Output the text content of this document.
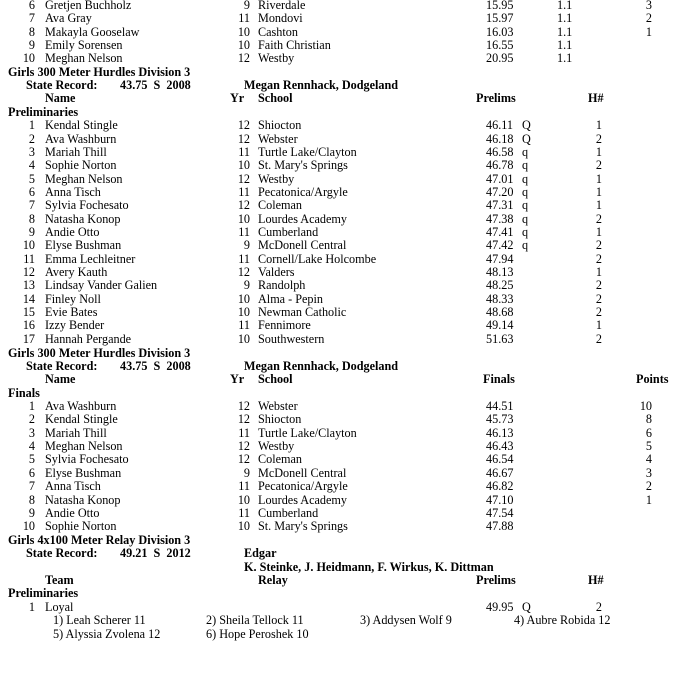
6 Gretjen Buchholz	9 Riverdale	15.95	1.1	3
7 Ava Gray	11 Mondovi	15.97	1.1	2
8 Makayla Gooselaw	10 Cashton	16.03	1.1	1
9 Emily Sorensen	10 Faith Christian	16.55	1.1
10 Meghan Nelson	12 Westby	20.95	1.1
Girls 300 Meter Hurdles Division 3
State Record: 43.75  S  2008	Megan Rennhack, Dodgeland
Name	Yr School	Prelims	H#
Preliminaries
1 Kendal Stingle	12 Shiocton	46.11 Q	1
2 Ava Washburn	12 Webster	46.18 Q	2
3 Mariah Thill	11 Turtle Lake/Clayton	46.58 q	1
4 Sophie Norton	10 St. Mary's Springs	46.78 q	2
5 Meghan Nelson	12 Westby	47.01 q	1
6 Anna Tisch	11 Pecatonica/Argyle	47.20 q	1
7 Sylvia Fochesato	12 Coleman	47.31 q	1
8 Natasha Konop	10 Lourdes Academy	47.38 q	2
9 Andie Otto	11 Cumberland	47.41 q	1
10 Elyse Bushman	9 McDonell Central	47.42 q	2
11 Emma Lechleitner	11 Cornell/Lake Holcombe	47.94	2
12 Avery Kauth	12 Valders	48.13	1
13 Lindsay Vander Galien	9 Randolph	48.25	2
14 Finley Noll	10 Alma - Pepin	48.33	2
15 Evie Bates	10 Newman Catholic	48.68	2
16 Izzy Bender	11 Fennimore	49.14	1
17 Hannah Pergande	10 Southwestern	51.63	2
Girls 300 Meter Hurdles Division 3
State Record: 43.75  S  2008	Megan Rennhack, Dodgeland
Name	Yr School	Finals	Points
Finals
1 Ava Washburn	12 Webster	44.51	10
2 Kendal Stingle	12 Shiocton	45.73	8
3 Mariah Thill	11 Turtle Lake/Clayton	46.13	6
4 Meghan Nelson	12 Westby	46.43	5
5 Sylvia Fochesato	12 Coleman	46.54	4
6 Elyse Bushman	9 McDonell Central	46.67	3
7 Anna Tisch	11 Pecatonica/Argyle	46.82	2
8 Natasha Konop	10 Lourdes Academy	47.10	1
9 Andie Otto	11 Cumberland	47.54
10 Sophie Norton	10 St. Mary's Springs	47.88
Girls 4x100 Meter Relay Division 3
State Record: 49.21  S  2012	Edgar
K. Steinke, J. Heidmann, F. Wirkus, K. Dittman
Team	Relay	Prelims	H#
Preliminaries
1 Loyal	49.95 Q	2
1) Leah Scherer 11	2) Sheila Tellock 11	3) Addysen Wolf 9	4) Aubre Robida 12
5) Alyssia Zvolena 12	6) Hope Peroshek 10
